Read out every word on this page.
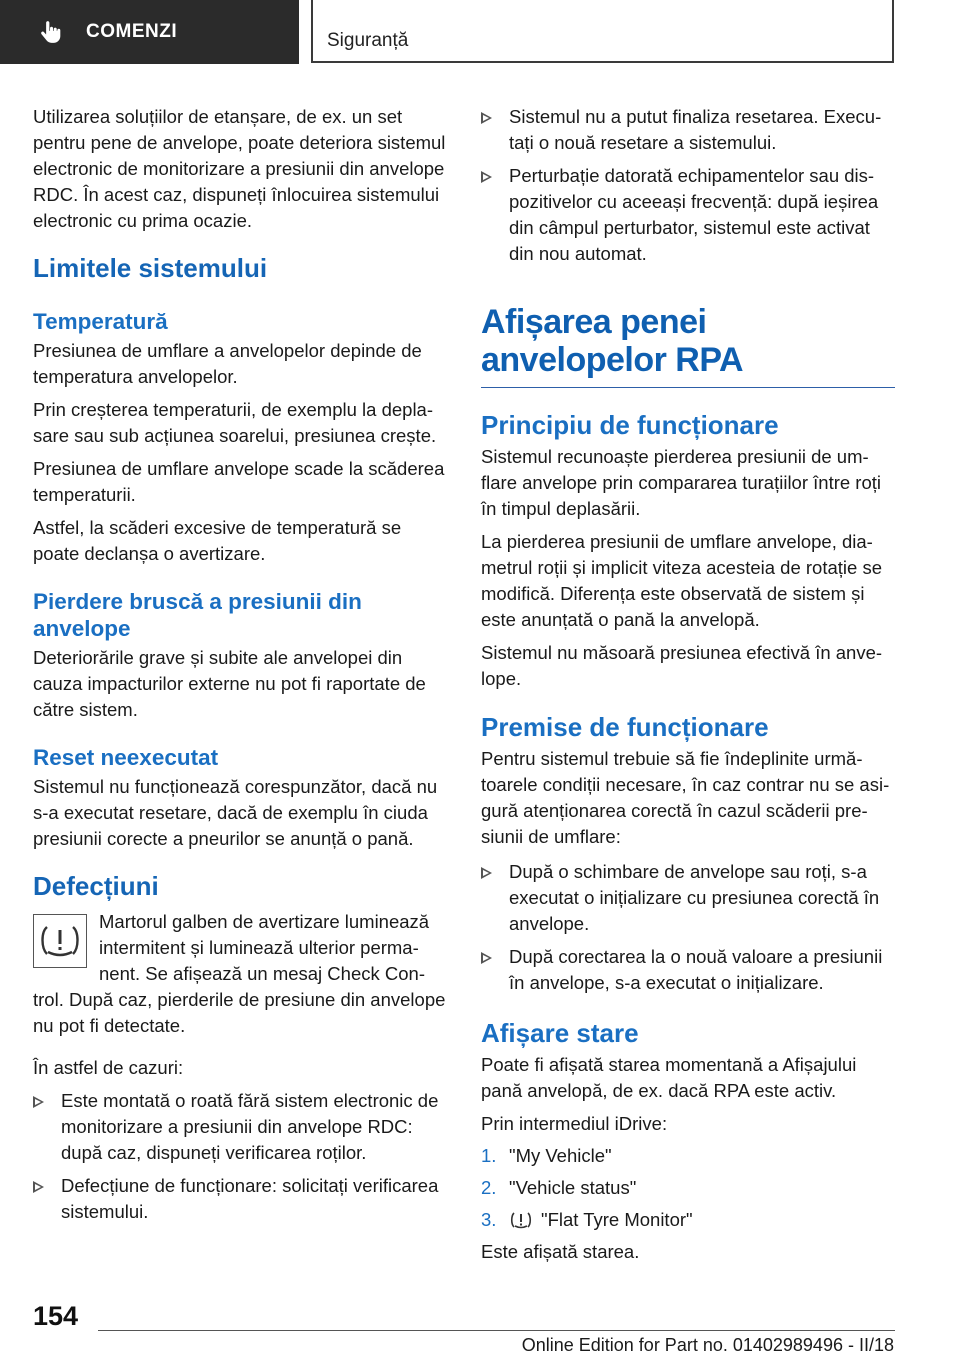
COMENZI	Siguranță

Utilizarea soluțiilor de etanșare, de ex. un set pentru pene de anvelope, poate deteriora sistemul electronic de monitorizare a presiunii din anvelope RDC. În acest caz, dispuneți înlocuirea sistemului electronic cu prima ocazie.

Limitele sistemului
Temperatură

Presiunea de umflare a anvelopelor depinde de temperatura anvelopelor.

Prin creșterea temperaturii, de exemplu la deplasare sau sub acțiunea soarelui, presiunea crește.

Presiunea de umflare anvelope scade la scăderea temperaturii.

Astfel, la scăderi excesive de temperatură se poate declanșa o avertizare.

Pierdere bruscă a presiunii din anvelope

Deteriorările grave și subite ale anvelopei din cauza impacturilor externe nu pot fi raportate de către sistem.

Reset neexecutat

Sistemul nu funcționează corespunzător, dacă nu s-a executat resetare, dacă de exemplu în ciuda presiunii corecte a pneurilor se anunță o pană.

Defecțiuni

Martorul galben de avertizare luminează intermitent și luminează ulterior permanent. Se afișează un mesaj Check Control. După caz, pierderile de presiune din anvelope nu pot fi detectate.

În astfel de cazuri:

Este montată o roată fără sistem electronic de monitorizare a presiunii din anvelope RDC: după caz, dispuneți verificarea roților.
Defecțiune de funcționare: solicitați verificarea sistemului.
Sistemul nu a putut finaliza resetarea. Executați o nouă resetare a sistemului.
Perturbație datorată echipamentelor sau dispozitivelor cu aceeași frecvență: după ieșirea din câmpul perturbator, sistemul este activat din nou automat.
Afișarea penei anvelopelor RPA
Principiu de funcționare

Sistemul recunoaște pierderea presiunii de umflare anvelope prin compararea turațiilor între roți în timpul deplasării.

La pierderea presiunii de umflare anvelope, diametrul roții și implicit viteza acesteia de rotație se modifică. Diferența este observată de sistem și este anunțată o pană la anvelopă.

Sistemul nu măsoară presiunea efectivă în anvelope.

Premise de funcționare

Pentru sistemul trebuie să fie îndeplinite următoarele condiții necesare, în caz contrar nu se asigură atenționarea corectă în cazul scăderii presiunii de umflare:

După o schimbare de anvelope sau roți, s-a executat o inițializare cu presiunea corectă în anvelope.
După corectarea la o nouă valoare a presiunii în anvelope, s-a executat o inițializare.
Afișare stare

Poate fi afișată starea momentană a Afișajului pană anvelopă, de ex. dacă RPA este activ.

Prin intermediul iDrive:

1. "My Vehicle"
2. "Vehicle status"
3. "Flat Tyre Monitor"

Este afișată starea.

154
Online Edition for Part no. 01402989496 - II/18
